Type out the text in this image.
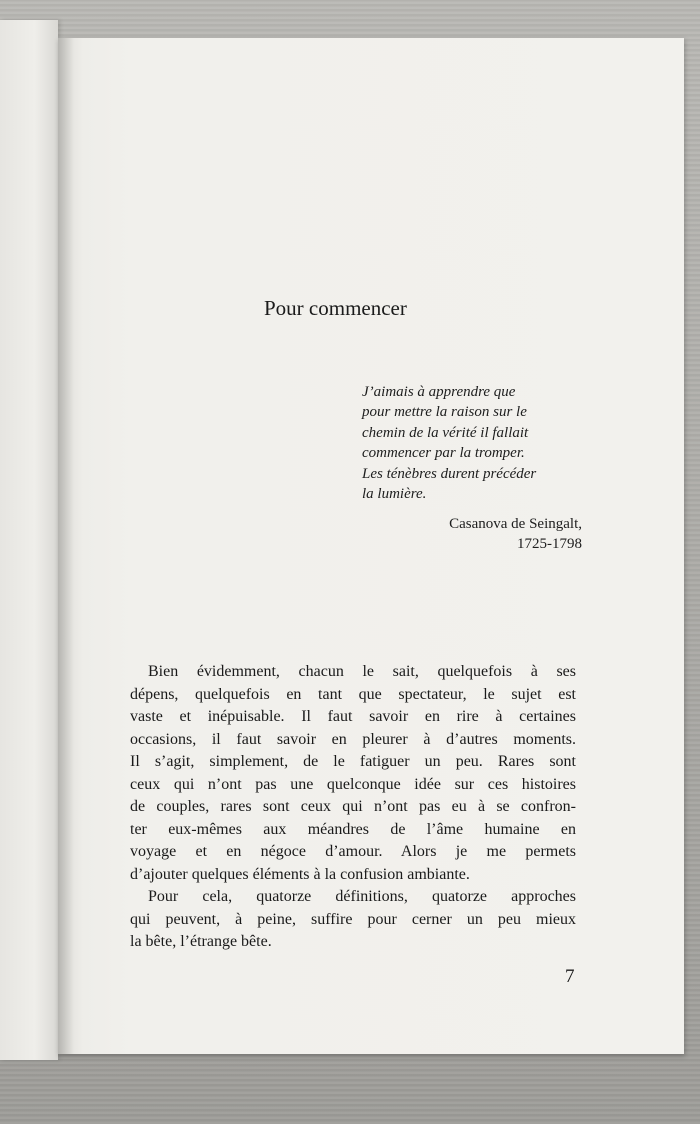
Pour commencer
J’aimais à apprendre que
pour mettre la raison sur le
chemin de la vérité il fallait
commencer par la tromper.
Les ténèbres durent précéder
la lumière.
Casanova de Seingalt,
1725-1798
Bien évidemment, chacun le sait, quelquefois à ses
dépens, quelquefois en tant que spectateur, le sujet est
vaste et inépuisable. Il faut savoir en rire à certaines
occasions, il faut savoir en pleurer à d’autres moments.
Il s’agit, simplement, de le fatiguer un peu. Rares sont
ceux qui n’ont pas une quelconque idée sur ces histoires
de couples, rares sont ceux qui n’ont pas eu à se confron-
ter eux-mêmes aux méandres de l’âme humaine en
voyage et en négoce d’amour. Alors je me permets
d’ajouter quelques éléments à la confusion ambiante.
Pour cela, quatorze définitions, quatorze approches
qui peuvent, à peine, suffire pour cerner un peu mieux
la bête, l’étrange bête.
7
